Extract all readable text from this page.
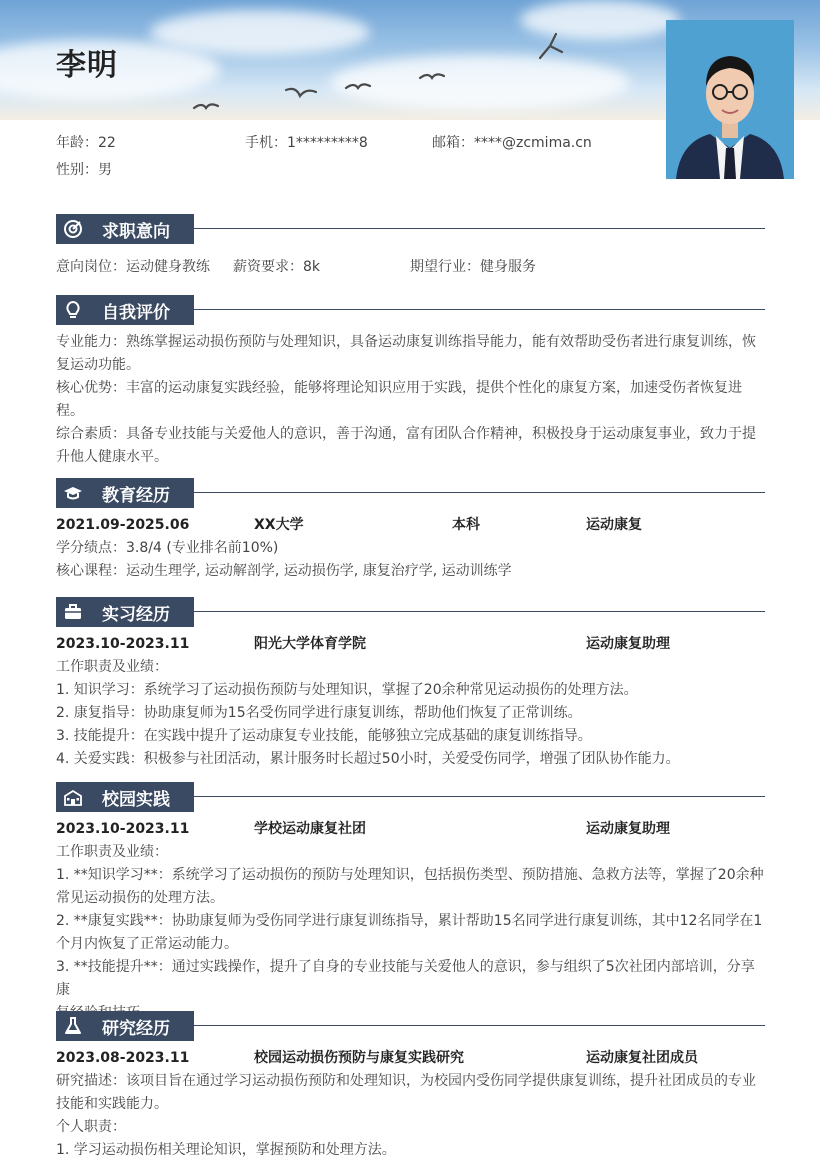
李明
年龄：22	手机：1*********8	邮箱：****@zcmima.cn
性别：男
求职意向
意向岗位：运动健身教练	薪资要求：8k	期望行业：健身服务
自我评价
专业能力：熟练掌握运动损伤预防与处理知识，具备运动康复训练指导能力，能有效帮助受伤者进行康复训练，恢
复运动功能。
核心优势：丰富的运动康复实践经验，能够将理论知识应用于实践，提供个性化的康复方案，加速受伤者恢复进
程。
综合素质：具备专业技能与关爱他人的意识，善于沟通，富有团队合作精神，积极投身于运动康复事业，致力于提
升他人健康水平。
教育经历
2021.09-2025.06	XX大学	本科	运动康复
学分绩点：3.8/4 (专业排名前10%)
核心课程：运动生理学, 运动解剖学, 运动损伤学, 康复治疗学, 运动训练学
实习经历
2023.10-2023.11	阳光大学体育学院	运动康复助理
工作职责及业绩：
1. 知识学习：系统学习了运动损伤预防与处理知识，掌握了20余种常见运动损伤的处理方法。
2. 康复指导：协助康复师为15名受伤同学进行康复训练，帮助他们恢复了正常训练。
3. 技能提升：在实践中提升了运动康复专业技能，能够独立完成基础的康复训练指导。
4. 关爱实践：积极参与社团活动，累计服务时长超过50小时，关爱受伤同学，增强了团队协作能力。
校园实践
2023.10-2023.11	学校运动康复社团	运动康复助理
工作职责及业绩：
1. **知识学习**：系统学习了运动损伤的预防与处理知识，包括损伤类型、预防措施、急救方法等，掌握了20余种
常见运动损伤的处理方法。
2. **康复实践**：协助康复师为受伤同学进行康复训练指导，累计帮助15名同学进行康复训练，其中12名同学在1
个月内恢复了正常运动能力。
3. **技能提升**：通过实践操作，提升了自身的专业技能与关爱他人的意识，参与组织了5次社团内部培训，分享康
研究经历
2023.08-2023.11	校园运动损伤预防与康复实践研究	运动康复社团成员
研究描述：该项目旨在通过学习运动损伤预防和处理知识，为校园内受伤同学提供康复训练，提升社团成员的专业
技能和实践能力。
个人职责：
1. 学习运动损伤相关理论知识，掌握预防和处理方法。
